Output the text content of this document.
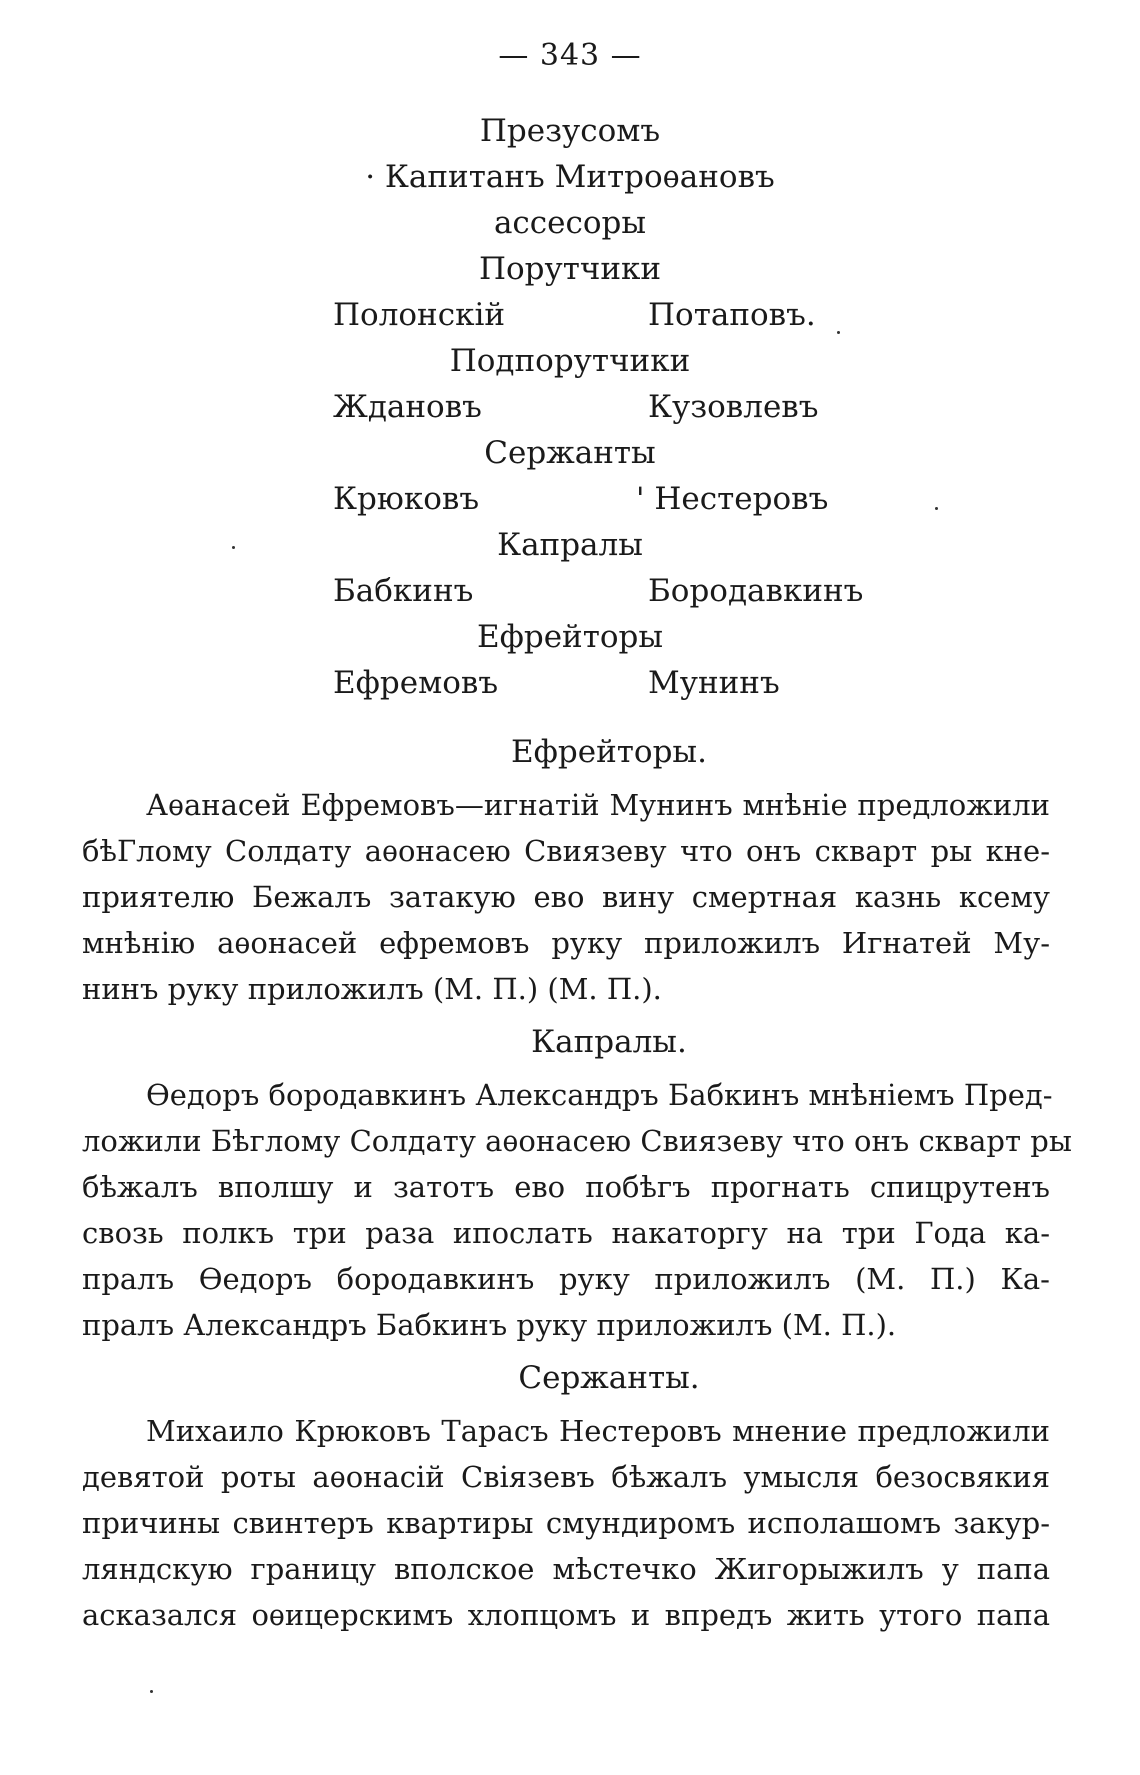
— 343 —
Презусомъ
· Капитанъ Митроѳановъ
ассесоры
Порутчики
Полонскій	Потаповъ.
Подпорутчики
Ждановъ	Кузовлевъ
Сержанты
Крюковъ	' Нестеровъ
Капралы
Бабкинъ	Бородавкинъ
Ефрейторы
Ефремовъ	Мунинъ
Ефрейторы.

Аѳанасей Ефремовъ—игнатій Мунинъ мнѣніе предложили
бѣГлому Солдату аѳонасею Свиязеву что онъ скварт ры кне-
приятелю Бежалъ затакую ево вину смертная казнь ксему
мнѣнію аѳонасей ефремовъ руку приложилъ Игнатей Му-
нинъ руку приложилъ (М. П.) (М. П.).

Капралы.

Ѳедоръ бородавкинъ Александръ Бабкинъ мнѣніемъ Пред-
ложили Бѣглому Солдату аѳонасею Свиязеву что онъ скварт ры
бѣжалъ вполшу и затотъ ево побѣгъ прогнать спицрутенъ
свозь полкъ три раза ипослать накаторгу на три Года ка-
пралъ Ѳедоръ бородавкинъ руку приложилъ (М. П.) Ка-
пралъ Александръ Бабкинъ руку приложилъ (М. П.).

Сержанты.

Михаило Крюковъ Тарасъ Нестеровъ мнение предложили
девятой роты аѳонасій Свіязевъ бѣжалъ умысля безосвякия
причины свинтеръ квартиры смундиромъ исполашомъ закур-
ляндскую границу вполское мѣстечко Жигорыжилъ у папа
асказался оѳицерскимъ хлопцомъ и впредъ жить утого папа
